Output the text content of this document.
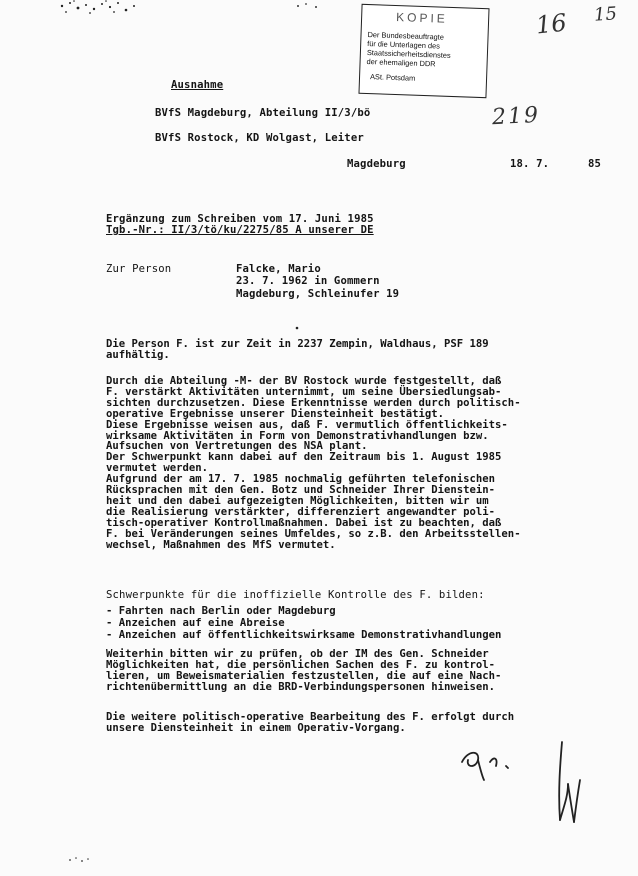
KOPIE
Der Bundesbeauftragte
für die Unterlagen des
Staatssicherheitsdienstes
der ehemaligen DDR
ASt. Potsdam
16 15
219
Ausnahme
BVfS Magdeburg, Abteilung II/3/bö
BVfS Rostock, KD Wolgast, Leiter
Magdeburg	18. 7.	85
Ergänzung zum Schreiben vom 17. Juni 1985
Tgb.-Nr.: II/3/tö/ku/2275/85 A unserer DE
Zur Person	Falcke, Mario
23. 7. 1962 in Gommern
Magdeburg, Schleinufer 19
Die Person F. ist zur Zeit in 2237 Zempin, Waldhaus, PSF 189
aufhältig.
Durch die Abteilung -M- der BV Rostock wurde festgestellt, daß
F. verstärkt Aktivitäten unternimmt, um seine Übersiedlungsab-
sichten durchzusetzen. Diese Erkenntnisse werden durch politisch-
operative Ergebnisse unserer Diensteinheit bestätigt.
Diese Ergebnisse weisen aus, daß F. vermutlich öffentlichkeits-
wirksame Aktivitäten in Form von Demonstrativhandlungen bzw.
Aufsuchen von Vertretungen des NSA plant.
Der Schwerpunkt kann dabei auf den Zeitraum bis 1. August 1985
vermutet werden.
Aufgrund der am 17. 7. 1985 nochmalig geführten telefonischen
Rücksprachen mit den Gen. Botz und Schneider Ihrer Dienstein-
heit und den dabei aufgezeigten Möglichkeiten, bitten wir um
die Realisierung verstärkter, differenziert angewandter poli-
tisch-operativer Kontrollmaßnahmen. Dabei ist zu beachten, daß
F. bei Veränderungen seines Umfeldes, so z.B. den Arbeitsstellen-
wechsel, Maßnahmen des MfS vermutet.
Schwerpunkte für die inoffizielle Kontrolle des F. bilden:
- Fahrten nach Berlin oder Magdeburg
- Anzeichen auf eine Abreise
- Anzeichen auf öffentlichkeitswirksame Demonstrativhandlungen
Weiterhin bitten wir zu prüfen, ob der IM des Gen. Schneider
Möglichkeiten hat, die persönlichen Sachen des F. zu kontrol-
lieren, um Beweismaterialien festzustellen, die auf eine Nach-
richtenübermittlung an die BRD-Verbindungspersonen hinweisen.
Die weitere politisch-operative Bearbeitung des F. erfolgt durch
unsere Diensteinheit in einem Operativ-Vorgang.
